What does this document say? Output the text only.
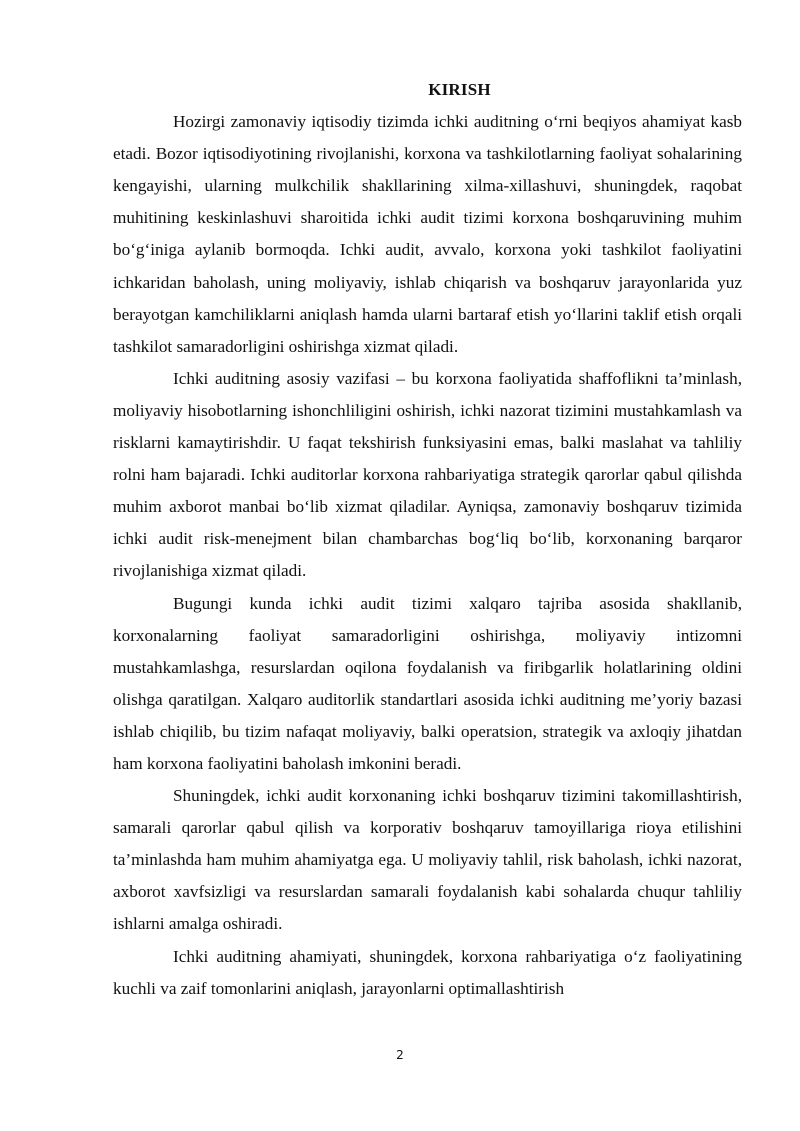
KIRISH

Hozirgi zamonaviy iqtisodiy tizimda ichki auditning o‘rni beqiyos ahamiyat kasb etadi. Bozor iqtisodiyotining rivojlanishi, korxona va tashkilotlarning faoliyat sohalarining kengayishi, ularning mulkchilik shakllarining xilma-xillashuvi, shuningdek, raqobat muhitining keskinlashuvi sharoitida ichki audit tizimi korxona boshqaruvining muhim bo‘g‘iniga aylanib bormoqda. Ichki audit, avvalo, korxona yoki tashkilot faoliyatini ichkaridan baholash, uning moliyaviy, ishlab chiqarish va boshqaruv jarayonlarida yuz berayotgan kamchiliklarni aniqlash hamda ularni bartaraf etish yo‘llarini taklif etish orqali tashkilot samaradorligini oshirishga xizmat qiladi.

Ichki auditning asosiy vazifasi – bu korxona faoliyatida shaffoflikni ta’minlash, moliyaviy hisobotlarning ishonchliligini oshirish, ichki nazorat tizimini mustahkamlash va risklarni kamaytirishdir. U faqat tekshirish funksiyasini emas, balki maslahat va tahliliy rolni ham bajaradi. Ichki auditorlar korxona rahbariyatiga strategik qarorlar qabul qilishda muhim axborot manbai bo‘lib xizmat qiladilar. Ayniqsa, zamonaviy boshqaruv tizimida ichki audit risk-menejment bilan chambarchas bog‘liq bo‘lib, korxonaning barqaror rivojlanishiga xizmat qiladi.

Bugungi kunda ichki audit tizimi xalqaro tajriba asosida shakllanib, korxonalarning faoliyat samaradorligini oshirishga, moliyaviy intizomni mustahkamlashga, resurslardan oqilona foydalanish va firibgarlik holatlarining oldini olishga qaratilgan. Xalqaro auditorlik standartlari asosida ichki auditning me’yoriy bazasi ishlab chiqilib, bu tizim nafaqat moliyaviy, balki operatsion, strategik va axloqiy jihatdan ham korxona faoliyatini baholash imkonini beradi.

Shuningdek, ichki audit korxonaning ichki boshqaruv tizimini takomillashtirish, samarali qarorlar qabul qilish va korporativ boshqaruv tamoyillariga rioya etilishini ta’minlashda ham muhim ahamiyatga ega. U moliyaviy tahlil, risk baholash, ichki nazorat, axborot xavfsizligi va resurslardan samarali foydalanish kabi sohalarda chuqur tahliliy ishlarni amalga oshiradi.

Ichki auditning ahamiyati, shuningdek, korxona rahbariyatiga o‘z faoliyatining kuchli va zaif tomonlarini aniqlash, jarayonlarni optimallashtirish

2
